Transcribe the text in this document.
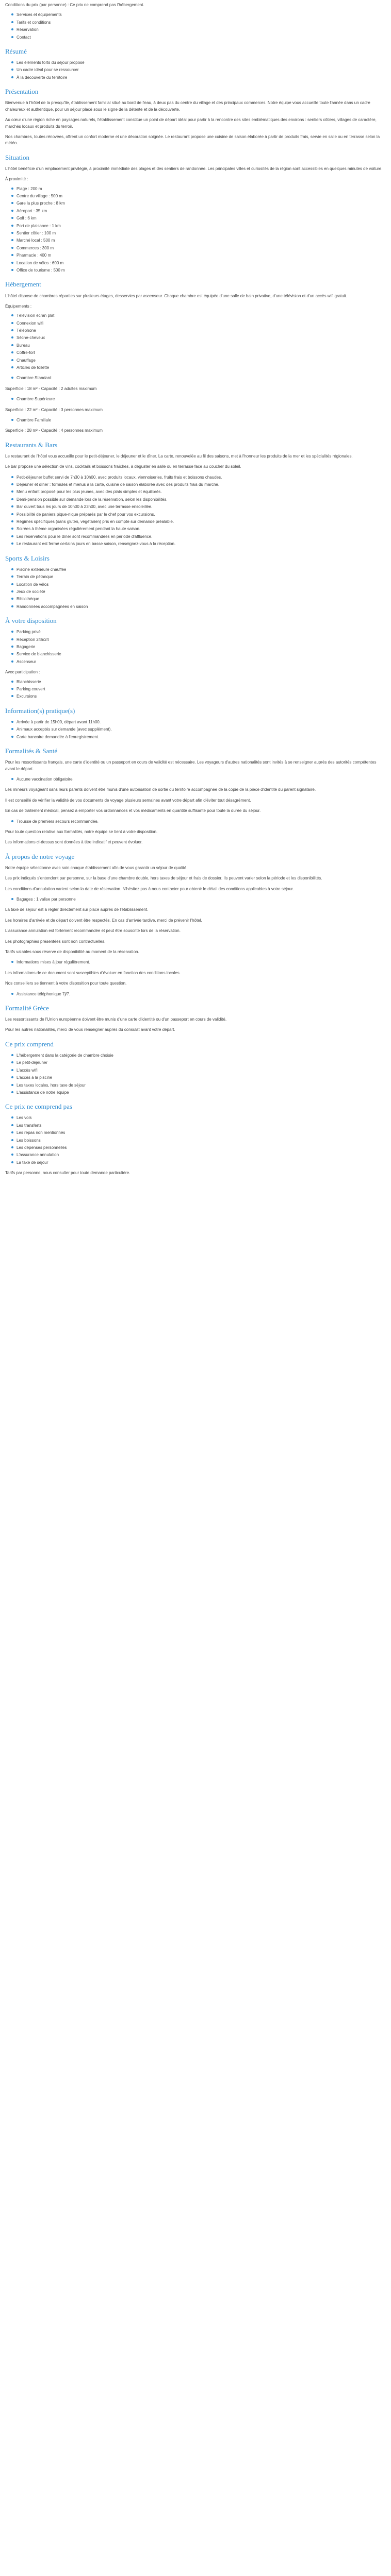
Conditions du prix (par personne) : Ce prix ne comprend pas l'hébergement.

Services et équipements
Tarifs et conditions
Réservation
Contact
Résumé
Les éléments forts du séjour proposé
Un cadre idéal pour se ressourcer
À la découverte du territoire
Présentation

Bienvenue à l'hôtel de la presqu'île, établissement familial situé au bord de l'eau, à deux pas du centre du village et des principaux commerces. Notre équipe vous accueille toute l'année dans un cadre chaleureux et authentique, pour un séjour placé sous le signe de la détente et de la découverte.

Au cœur d'une région riche en paysages naturels, l'établissement constitue un point de départ idéal pour partir à la rencontre des sites emblématiques des environs : sentiers côtiers, villages de caractère, marchés locaux et produits du terroir.

Nos chambres, toutes rénovées, offrent un confort moderne et une décoration soignée. Le restaurant propose une cuisine de saison élaborée à partir de produits frais, servie en salle ou en terrasse selon la météo.

Situation

L'hôtel bénéficie d'un emplacement privilégié, à proximité immédiate des plages et des sentiers de randonnée. Les principales villes et curiosités de la région sont accessibles en quelques minutes de voiture.

À proximité :

Plage : 200 m
Centre du village : 500 m
Gare la plus proche : 8 km
Aéroport : 35 km
Golf : 6 km
Port de plaisance : 1 km
Sentier côtier : 100 m
Marché local : 500 m
Commerces : 300 m
Pharmacie : 400 m
Location de vélos : 600 m
Office de tourisme : 500 m
Hébergement

L'hôtel dispose de chambres réparties sur plusieurs étages, desservies par ascenseur. Chaque chambre est équipée d'une salle de bain privative, d'une télévision et d'un accès wifi gratuit.

Équipements :

Télévision écran plat
Connexion wifi
Téléphone
Sèche-cheveux
Bureau
Coffre-fort
Chauffage
Articles de toilette
Chambre Standard

Superficie : 18 m² - Capacité : 2 adultes maximum

Chambre Supérieure

Superficie : 22 m² - Capacité : 3 personnes maximum

Chambre Familiale

Superficie : 28 m² - Capacité : 4 personnes maximum

Restaurants & Bars

Le restaurant de l'hôtel vous accueille pour le petit-déjeuner, le déjeuner et le dîner. La carte, renouvelée au fil des saisons, met à l'honneur les produits de la mer et les spécialités régionales.

Le bar propose une sélection de vins, cocktails et boissons fraîches, à déguster en salle ou en terrasse face au coucher du soleil.

Petit-déjeuner buffet servi de 7h30 à 10h00, avec produits locaux, viennoiseries, fruits frais et boissons chaudes.
Déjeuner et dîner : formules et menus à la carte, cuisine de saison élaborée avec des produits frais du marché.
Menu enfant proposé pour les plus jeunes, avec des plats simples et équilibrés.
Demi-pension possible sur demande lors de la réservation, selon les disponibilités.
Bar ouvert tous les jours de 10h00 à 23h00, avec une terrasse ensoleillée.
Possibilité de paniers pique-nique préparés par le chef pour vos excursions.
Régimes spécifiques (sans gluten, végétarien) pris en compte sur demande préalable.
Soirées à thème organisées régulièrement pendant la haute saison.
Les réservations pour le dîner sont recommandées en période d'affluence.
Le restaurant est fermé certains jours en basse saison, renseignez-vous à la réception.
Sports & Loisirs
Piscine extérieure chauffée
Terrain de pétanque
Location de vélos
Jeux de société
Bibliothèque
Randonnées accompagnées en saison
À votre disposition
Parking privé
Réception 24h/24
Bagagerie
Service de blanchisserie
Ascenseur

Avec participation :

Blanchisserie
Parking couvert
Excursions
Information(s) pratique(s)
Arrivée à partir de 15h00, départ avant 11h00.
Animaux acceptés sur demande (avec supplément).
Carte bancaire demandée à l'enregistrement.
Formalités & Santé

Pour les ressortissants français, une carte d'identité ou un passeport en cours de validité est nécessaire. Les voyageurs d'autres nationalités sont invités à se renseigner auprès des autorités compétentes avant le départ.

Aucune vaccination obligatoire.

Les mineurs voyageant sans leurs parents doivent être munis d'une autorisation de sortie du territoire accompagnée de la copie de la pièce d'identité du parent signataire.

Il est conseillé de vérifier la validité de vos documents de voyage plusieurs semaines avant votre départ afin d'éviter tout désagrément.

En cas de traitement médical, pensez à emporter vos ordonnances et vos médicaments en quantité suffisante pour toute la durée du séjour.

Trousse de premiers secours recommandée.

Pour toute question relative aux formalités, notre équipe se tient à votre disposition.

Les informations ci-dessus sont données à titre indicatif et peuvent évoluer.

À propos de notre voyage

Notre équipe sélectionne avec soin chaque établissement afin de vous garantir un séjour de qualité.

Les prix indiqués s'entendent par personne, sur la base d'une chambre double, hors taxes de séjour et frais de dossier. Ils peuvent varier selon la période et les disponibilités.

Les conditions d'annulation varient selon la date de réservation. N'hésitez pas à nous contacter pour obtenir le détail des conditions applicables à votre séjour.

Bagages : 1 valise par personne

La taxe de séjour est à régler directement sur place auprès de l'établissement.

Les horaires d'arrivée et de départ doivent être respectés. En cas d'arrivée tardive, merci de prévenir l'hôtel.

L'assurance annulation est fortement recommandée et peut être souscrite lors de la réservation.

Les photographies présentées sont non contractuelles.

Tarifs valables sous réserve de disponibilité au moment de la réservation.

Informations mises à jour régulièrement.

Les informations de ce document sont susceptibles d'évoluer en fonction des conditions locales.

Nos conseillers se tiennent à votre disposition pour toute question.

Assistance téléphonique 7j/7.
Formalité Grèce

Les ressortissants de l'Union européenne doivent être munis d'une carte d'identité ou d'un passeport en cours de validité.

Pour les autres nationalités, merci de vous renseigner auprès du consulat avant votre départ.

Ce prix comprend
L'hébergement dans la catégorie de chambre choisie
Le petit-déjeuner
L'accès wifi
L'accès à la piscine
Les taxes locales, hors taxe de séjour
L'assistance de notre équipe
Ce prix ne comprend pas
Les vols
Les transferts
Les repas non mentionnés
Les boissons
Les dépenses personnelles
L'assurance annulation
La taxe de séjour

Tarifs par personne, nous consulter pour toute demande particulière.
